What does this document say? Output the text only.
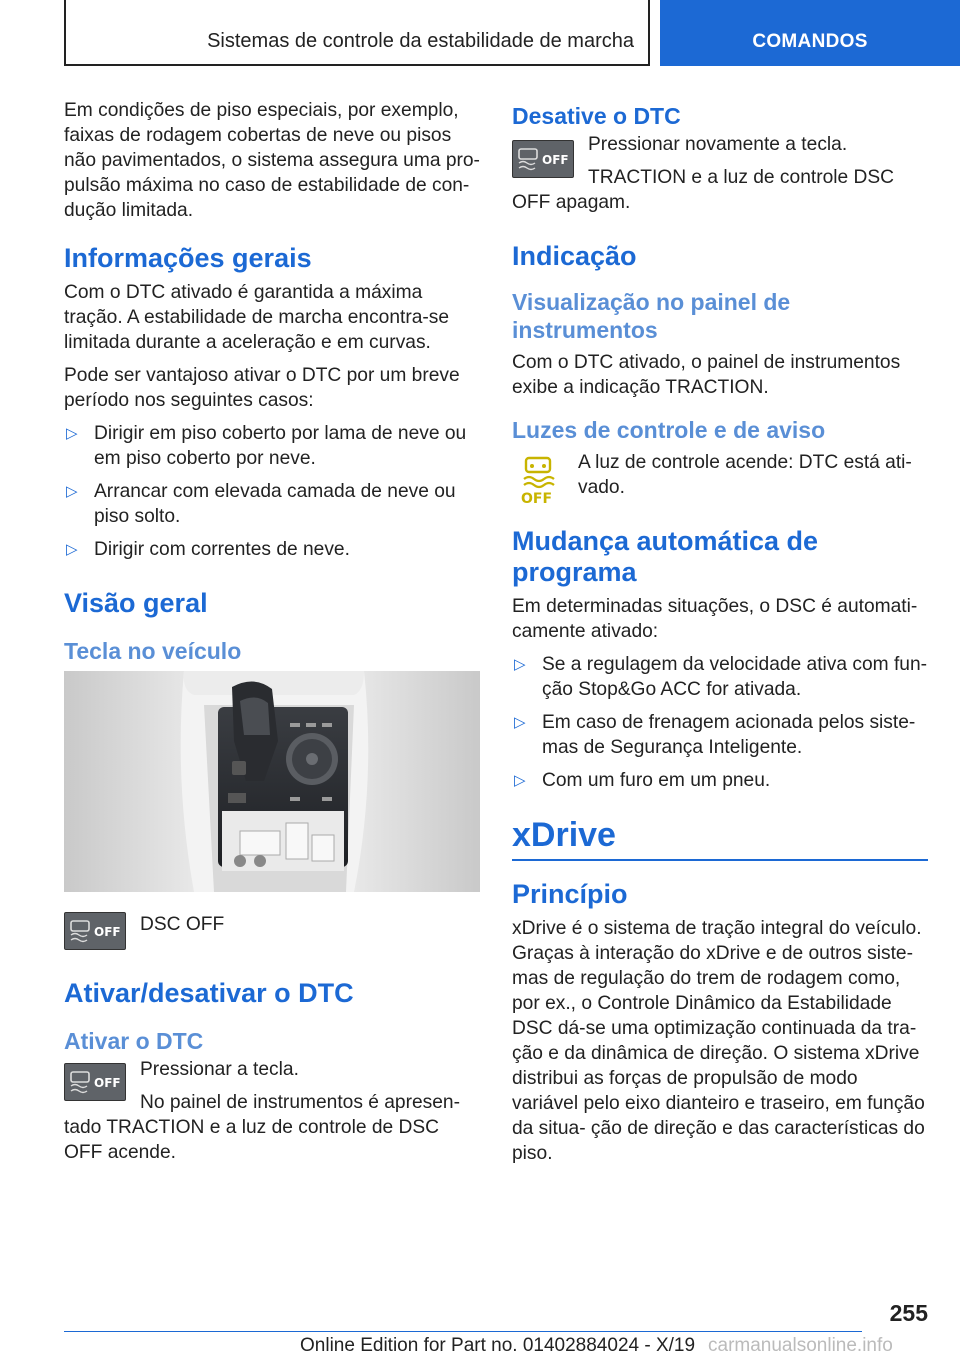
Sistemas de controle da estabilidade de marcha	COMANDOS

Em condições de piso especiais, por exemplo, faixas de rodagem cobertas de neve ou pisos não pavimentados, o sistema assegura uma pro‐ pulsão máxima no caso de estabilidade de con‐ dução limitada.

Informações gerais

Com o DTC ativado é garantida a máxima tração. A estabilidade de marcha encontra-se limitada durante a aceleração e em curvas.

Pode ser vantajoso ativar o DTC por um breve período nos seguintes casos:

▷ Dirigir em piso coberto por lama de neve ou em piso coberto por neve.
▷ Arrancar com elevada camada de neve ou piso solto.
▷ Dirigir com correntes de neve.
Visão geral
Tecla no veículo
OFF	DSC OFF
Ativar/desativar o DTC
Ativar o DTC
OFF
Pressionar a tecla.
No painel de instrumentos é apresen‐

tado TRACTION e a luz de controle de DSC OFF acende.

Desative o DTC
OFF
Pressionar novamente a tecla.
TRACTION e a luz de controle DSC

OFF apagam.

Indicação
Visualização no painel de instrumentos

Com o DTC ativado, o painel de instrumentos exibe a indicação TRACTION.

Luzes de controle e de aviso
OFF
A luz de controle acende: DTC está ati‐ vado.
Mudança automática de programa

Em determinadas situações, o DSC é automati‐ camente ativado:

▷ Se a regulagem da velocidade ativa com fun‐ ção Stop&Go ACC for ativada.
▷ Em caso de frenagem acionada pelos siste‐ mas de Segurança Inteligente.
▷ Com um furo em um pneu.
xDrive
Princípio

xDrive é o sistema de tração integral do veículo. Graças à interação do xDrive e de outros siste‐ mas de regulação do trem de rodagem como, por ex., o Controle Dinâmico da Estabilidade DSC dá-se uma optimização continuada da tra‐ ção e da dinâmica de direção. O sistema xDrive distribui as forças de propulsão de modo variável pelo eixo dianteiro e traseiro, em função da situa‐ ção de direção e das características do piso.

255
Online Edition for Part no. 01402884024 - X/19 carmanualsonline.info
